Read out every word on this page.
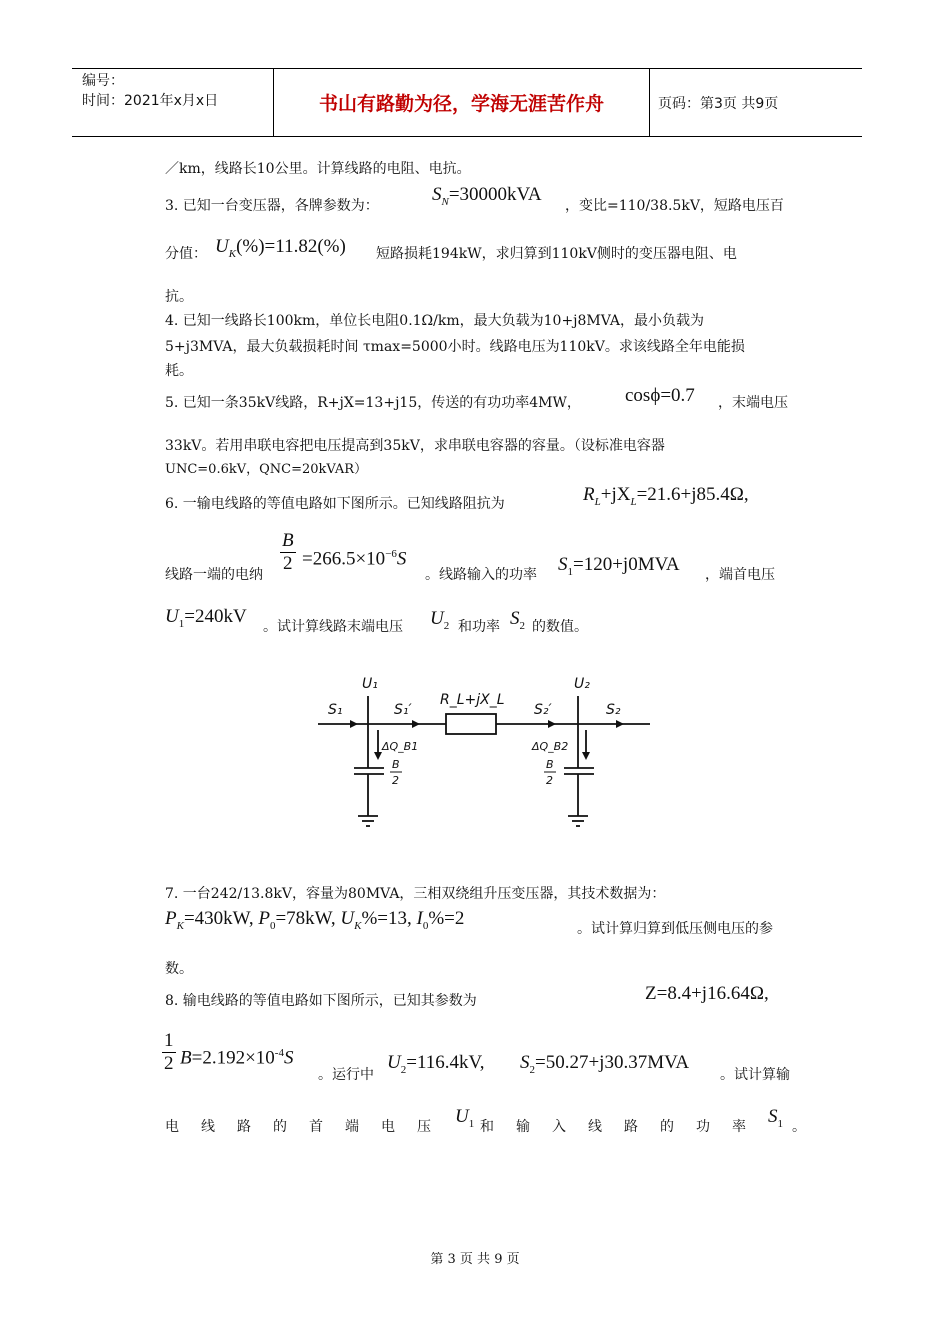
编号：
时间：2021年x月x日	书山有路勤为径，学海无涯苦作舟	页码：第3页 共9页
／km，线路长10公里。计算线路的电阻、电抗。
3. 已知一台变压器，各牌参数为：
$S_N=30000kVA$
，变比=110/38.5kV，短路电压百
分值： $U_K(\%)=11.82(\%)$ 短路损耗194kW，求归算到110kV侧时的变压器电阻、电
抗。
4. 已知一线路长100km，单位长电阻0.1Ω/km，最大负载为10+j8MVA，最小负载为
5+j3MVA，最大负载损耗时间 τmax=5000小时。线路电压为110kV。求该线路全年电能损
耗。
5. 已知一条35kV线路，R+jX=13+j15，传送的有功功率4MW， cosϕ=0.7 ，末端电压
33kV。若用串联电容把电压提高到35kV，求串联电容器的容量。（设标准电容器
UNC=0.6kV，QNC=20kVAR）
6. 一输电线路的等值电路如下图所示。已知线路阻抗为	$R_L+jX_L=21.6+j85.4\Omega$,
线路一端的电纳 $\frac{B}{2} =266.5\times 10^{-6}S$
。线路输入的功率 $S_1=120+j0MVA$ ，端首电压
$U_1=240kV$ 。试计算线路末端电压 $U_2$ 和功率 $S_2$ 的数值。
S₁
U₁
S₁′
R_L+jX_L
S₂′
U₂
S₂
ΔQ_B1	ΔQ_B2
B
2
B
2
7. 一台242/13.8kV，容量为80MVA，三相双绕组升压变压器，其技术数据为：
$P_K=430kW$, $P_0=78kW$, $U_K\%=13$, $I_0\%=2$	。试计算归算到低压侧电压的参
数。
8. 输电线路的等值电路如下图所示，已知其参数为	Z=8.4+j16.64Ω,
$\frac{1}{2} B=2.192\times 10^{-4}S$
。运行中
$U_2=116.4kV$, $S_2=50.27+j30.37MVA$
。试计算输
电线路的首端电压 $U_1$ 和输入线路的功率 $S_1$ 。
第 3 页 共 9 页
